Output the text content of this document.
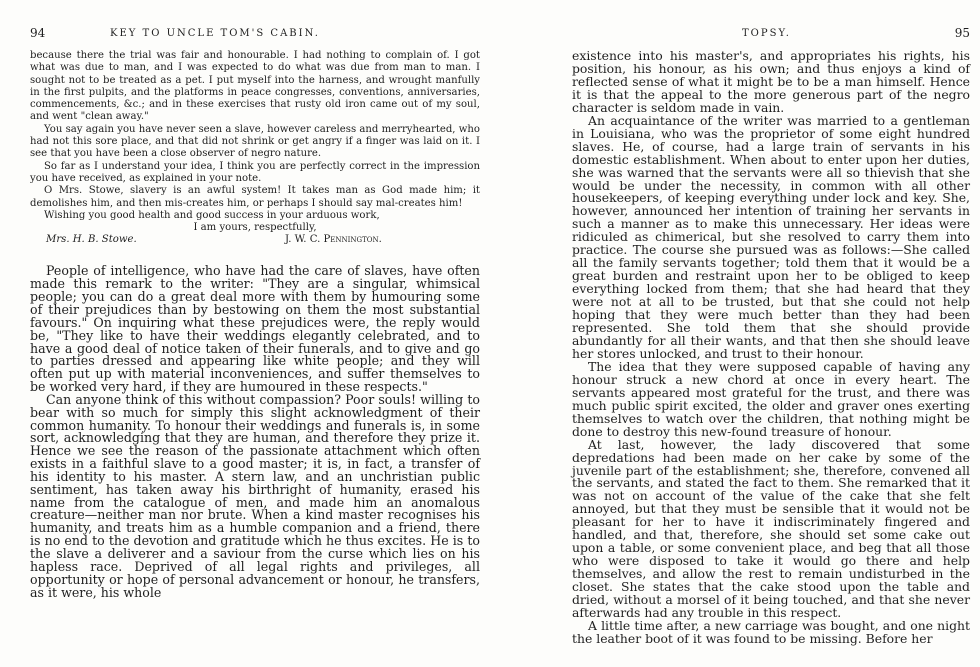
94	KEY TO UNCLE TOM'S CABIN.

because there the trial was fair and honourable. I had nothing to complain of. I got what was due to man, and I was expected to do what was due from man to man. I sought not to be treated as a pet. I put myself into the harness, and wrought manfully in the first pulpits, and the platforms in peace congresses, conventions, anniversaries, commencements, &c.; and in these exercises that rusty old iron came out of my soul, and went "clean away."

You say again you have never seen a slave, however careless and merryhearted, who had not this sore place, and that did not shrink or get angry if a finger was laid on it. I see that you have been a close observer of negro nature.

So far as I understand your idea, I think you are perfectly correct in the impression you have received, as explained in your note.

O Mrs. Stowe, slavery is an awful system! It takes man as God made him; it demolishes him, and then mis-creates him, or perhaps I should say mal-creates him!

Wishing you good health and good success in your arduous work,

I am yours, respectfully,
Mrs. H. B. Stowe.	J. W. C. Pennington.

People of intelligence, who have had the care of slaves, have often made this remark to the writer: "They are a singular, whimsical people; you can do a great deal more with them by humouring some of their prejudices than by bestowing on them the most substantial favours." On inquiring what these prejudices were, the reply would be, "They like to have their weddings elegantly celebrated, and to have a good deal of notice taken of their funerals, and to give and go to parties dressed and appearing like white people; and they will often put up with material inconveniences, and suffer themselves to be worked very hard, if they are humoured in these respects."

Can anyone think of this without compassion? Poor souls! willing to bear with so much for simply this slight acknowledgment of their common humanity. To honour their weddings and funerals is, in some sort, acknowledging that they are human, and therefore they prize it. Hence we see the reason of the passionate attachment which often exists in a faithful slave to a good master; it is, in fact, a transfer of his identity to his master. A stern law, and an unchristian public sentiment, has taken away his birthright of humanity, erased his name from the catalogue of men, and made him an anomalous creature—neither man nor brute. When a kind master recognises his humanity, and treats him as a humble companion and a friend, there is no end to the devotion and gratitude which he thus excites. He is to the slave a deliverer and a saviour from the curse which lies on his hapless race. Deprived of all legal rights and privileges, all opportunity or hope of personal advancement or honour, he transfers, as it were, his whole

TOPSY.	95

existence into his master's, and appropriates his rights, his position, his honour, as his own; and thus enjoys a kind of reflected sense of what it might be to be a man himself. Hence it is that the appeal to the more generous part of the negro character is seldom made in vain.

An acquaintance of the writer was married to a gentleman in Louisiana, who was the proprietor of some eight hundred slaves. He, of course, had a large train of servants in his domestic establishment. When about to enter upon her duties, she was warned that the servants were all so thievish that she would be under the necessity, in common with all other housekeepers, of keeping everything under lock and key. She, however, announced her intention of training her servants in such a manner as to make this unnecessary. Her ideas were ridiculed as chimerical, but she resolved to carry them into practice. The course she pursued was as follows:—She called all the family servants together; told them that it would be a great burden and restraint upon her to be obliged to keep everything locked from them; that she had heard that they were not at all to be trusted, but that she could not help hoping that they were much better than they had been represented. She told them that she should provide abundantly for all their wants, and that then she should leave her stores unlocked, and trust to their honour.

The idea that they were supposed capable of having any honour struck a new chord at once in every heart. The servants appeared most grateful for the trust, and there was much public spirit excited, the older and graver ones exerting themselves to watch over the children, that nothing might be done to destroy this new-found treasure of honour.

At last, however, the lady discovered that some depredations had been made on her cake by some of the juvenile part of the establishment; she, therefore, convened all the servants, and stated the fact to them. She remarked that it was not on account of the value of the cake that she felt annoyed, but that they must be sensible that it would not be pleasant for her to have it indiscriminately fingered and handled, and that, therefore, she should set some cake out upon a table, or some convenient place, and beg that all those who were disposed to take it would go there and help themselves, and allow the rest to remain undisturbed in the closet. She states that the cake stood upon the table and dried, without a morsel of it being touched, and that she never afterwards had any trouble in this respect.

A little time after, a new carriage was bought, and one night the leather boot of it was found to be missing. Before her
